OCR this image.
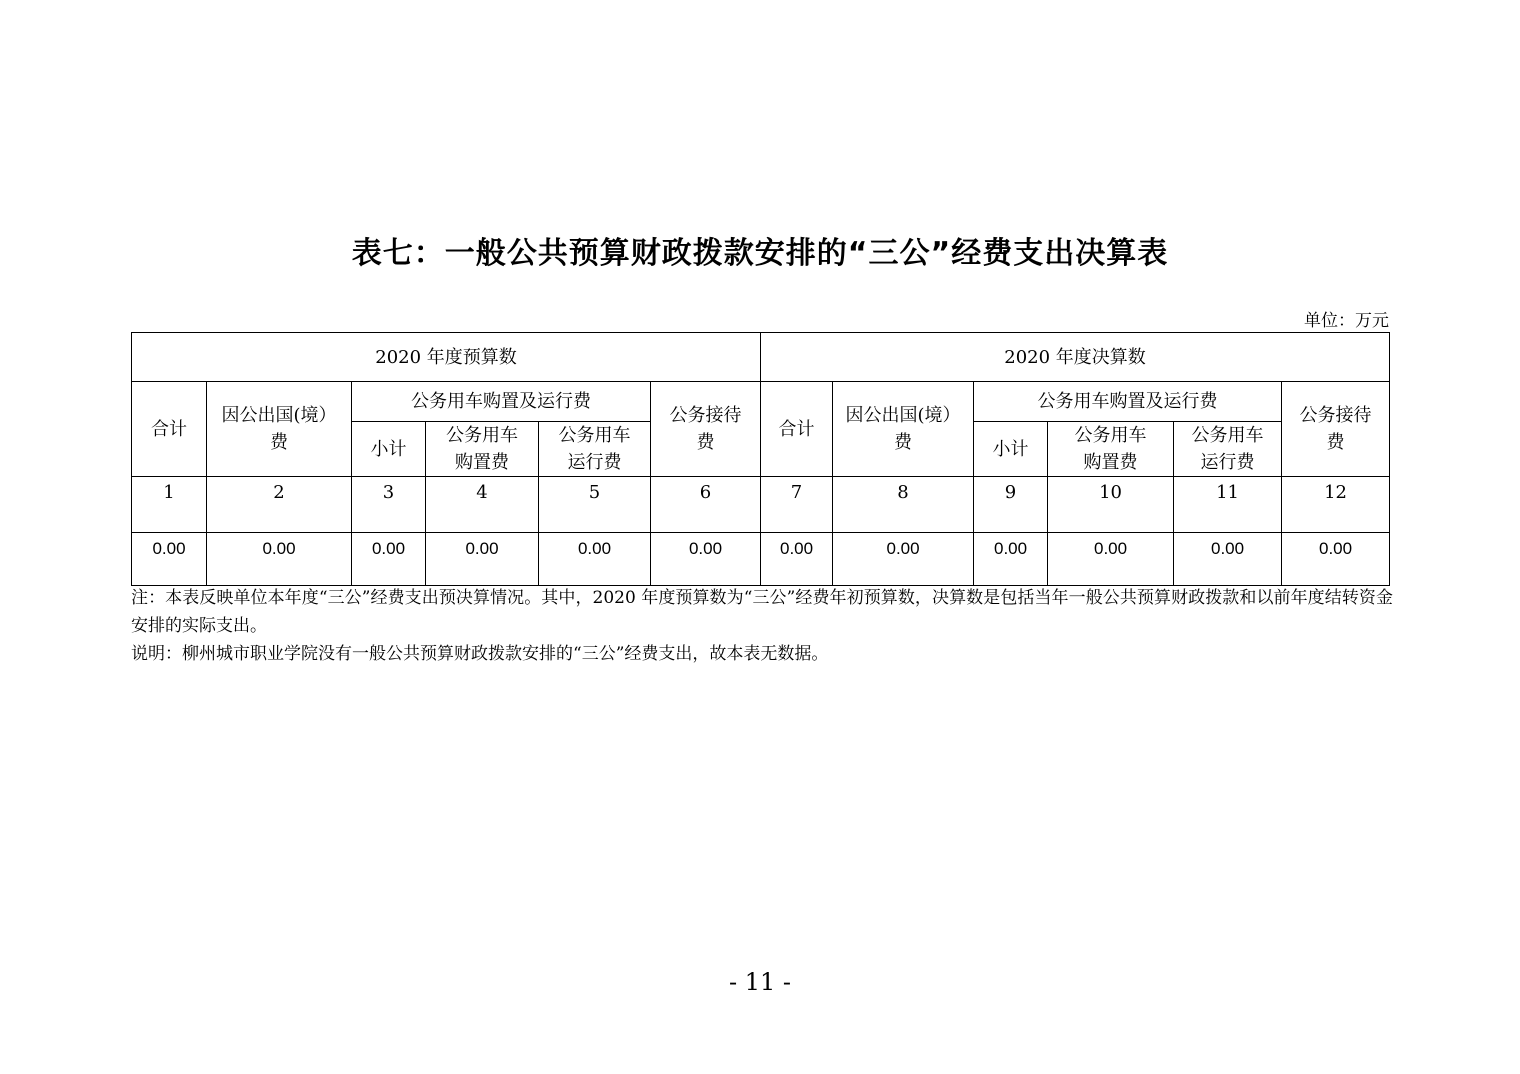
表七：一般公共预算财政拨款安排的“三公”经费支出决算表
单位：万元
2020 年度预算数						2020 年度决算数					
合计	因公出国(境）费	公务用车购置及运行费			公务接待费	合计	因公出国(境）费	公务用车购置及运行费			公务接待费
		小计	公务用车购置费	公务用车运行费				小计	公务用车购置费	公务用车运行费	
1	2	3	4	5	6	7	8	9	10	11	12
0.00	0.00	0.00	0.00	0.00	0.00	0.00	0.00	0.00	0.00	0.00	0.00

注：本表反映单位本年度“三公”经费支出预决算情况。其中，2020 年度预算数为“三公”经费年初预算数，决算数是包括当年一般公共预算财政拨款和以前年度结转资金安排的实际支出。

说明：柳州城市职业学院没有一般公共预算财政拨款安排的“三公”经费支出，故本表无数据。

- 11 -
